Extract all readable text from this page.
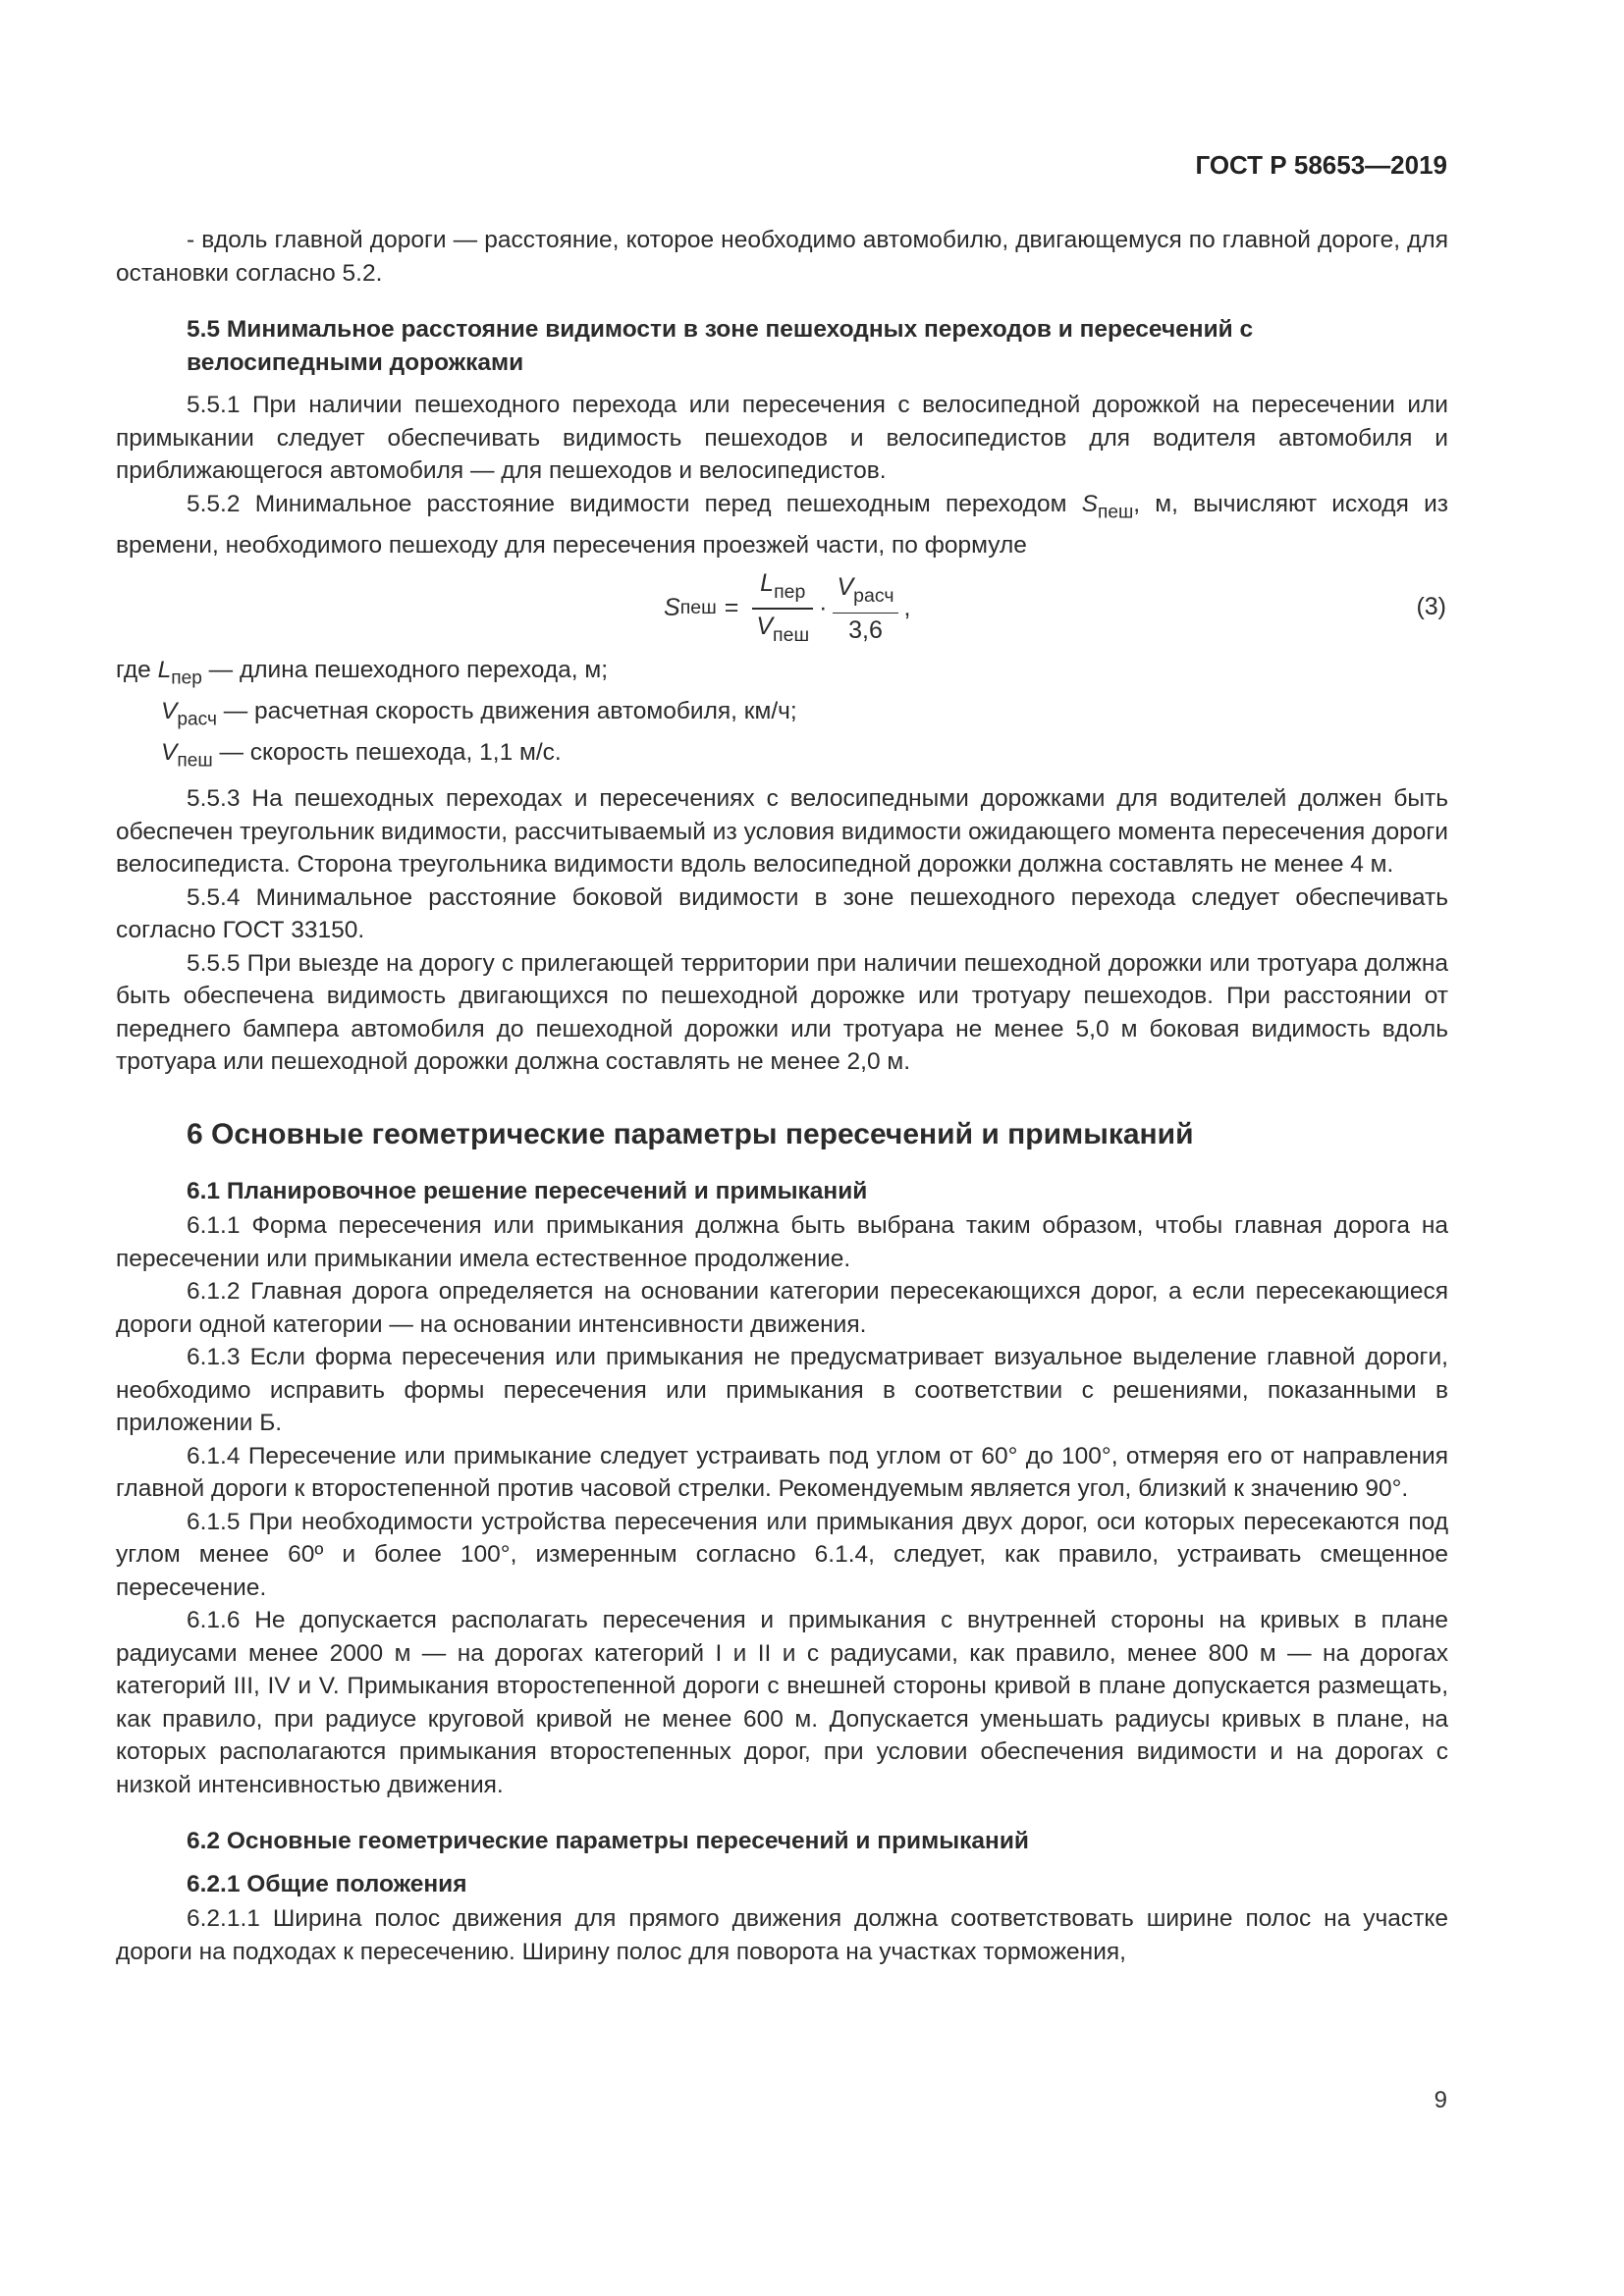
ГОСТ Р 58653—2019

- вдоль главной дороги — расстояние, которое необходимо автомобилю, двигающемуся по главной дороге, для остановки согласно 5.2.

5.5 Минимальное расстояние видимости в зоне пешеходных переходов и пересечений с велосипедными дорожками

5.5.1 При наличии пешеходного перехода или пересечения с велосипедной дорожкой на пересечении или примыкании следует обеспечивать видимость пешеходов и велосипедистов для водителя автомобиля и приближающегося автомобиля — для пешеходов и велосипедистов.

5.5.2 Минимальное расстояние видимости перед пешеходным переходом $S_{пеш}$, м, вычисляют исходя из времени, необходимого пешеходу для пересечения проезжей части, по формуле

S пеш = $\frac{L_{пер}}{V_{пеш}} \cdot \frac{V_{расч}}{3,6}$ ,	(3)
где $L_{пер}$ — длина пешеходного перехода, м;
$V_{расч}$ — расчетная скорость движения автомобиля, км/ч;
$V_{пеш}$ — скорость пешехода, 1,1 м/с.

5.5.3 На пешеходных переходах и пересечениях с велосипедными дорожками для водителей должен быть обеспечен треугольник видимости, рассчитываемый из условия видимости ожидающего момента пересечения дороги велосипедиста. Сторона треугольника видимости вдоль велосипедной дорожки должна составлять не менее 4 м.

5.5.4 Минимальное расстояние боковой видимости в зоне пешеходного перехода следует обеспечивать согласно ГОСТ 33150.

5.5.5 При выезде на дорогу с прилегающей территории при наличии пешеходной дорожки или тротуара должна быть обеспечена видимость двигающихся по пешеходной дорожке или тротуару пешеходов. При расстоянии от переднего бампера автомобиля до пешеходной дорожки или тротуара не менее 5,0 м боковая видимость вдоль тротуара или пешеходной дорожки должна составлять не менее 2,0 м.

6 Основные геометрические параметры пересечений и примыканий
6.1 Планировочное решение пересечений и примыканий

6.1.1 Форма пересечения или примыкания должна быть выбрана таким образом, чтобы главная дорога на пересечении или примыкании имела естественное продолжение.

6.1.2 Главная дорога определяется на основании категории пересекающихся дорог, а если пересекающиеся дороги одной категории — на основании интенсивности движения.

6.1.3 Если форма пересечения или примыкания не предусматривает визуальное выделение главной дороги, необходимо исправить формы пересечения или примыкания в соответствии с решениями, показанными в приложении Б.

6.1.4 Пересечение или примыкание следует устраивать под углом от 60° до 100°, отмеряя его от направления главной дороги к второстепенной против часовой стрелки. Рекомендуемым является угол, близкий к значению 90°.

6.1.5 При необходимости устройства пересечения или примыкания двух дорог, оси которых пересекаются под углом менее 60º и более 100°, измеренным согласно 6.1.4, следует, как правило, устраивать смещенное пересечение.

6.1.6 Не допускается располагать пересечения и примыкания с внутренней стороны на кривых в плане радиусами менее 2000 м — на дорогах категорий I и II и с радиусами, как правило, менее 800 м — на дорогах категорий III, IV и V. Примыкания второстепенной дороги с внешней стороны кривой в плане допускается размещать, как правило, при радиусе круговой кривой не менее 600 м. Допускается уменьшать радиусы кривых в плане, на которых располагаются примыкания второстепенных дорог, при условии обеспечения видимости и на дорогах с низкой интенсивностью движения.

6.2 Основные геометрические параметры пересечений и примыканий
6.2.1 Общие положения

6.2.1.1 Ширина полос движения для прямого движения должна соответствовать ширине полос на участке дороги на подходах к пересечению. Ширину полос для поворота на участках торможения,

9
